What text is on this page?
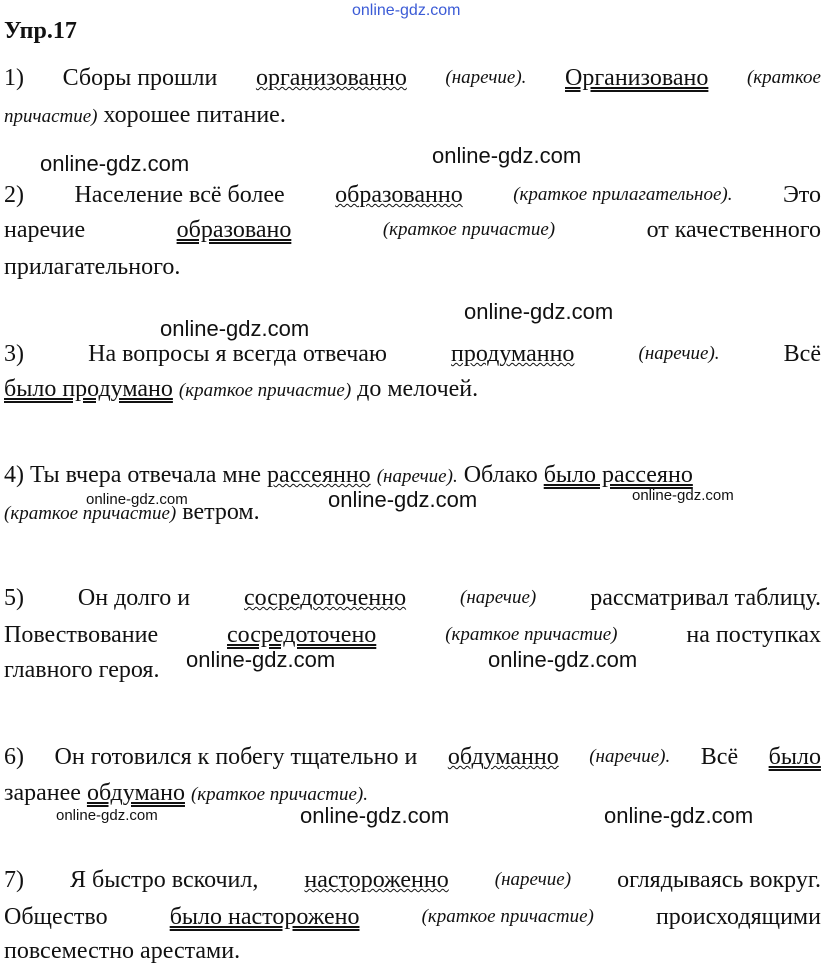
online-gdz.com
Упр.17
1) Сборы прошли организованно (наречие). Организовано (краткое
причастие) хорошее питание.
online-gdz.com	online-gdz.com
2) Население всё более образованно	(краткое прилагательное). Это
наречие	образовано	(краткое причастие)	от качественного
прилагательного.
online-gdz.com
online-gdz.com
3)	На вопросы я всегда отвечаю	продуманно	(наречие).	Всё
было продумано (краткое причастие) до мелочей.
4) Ты вчера отвечала мне рассеянно (наречие). Облако было рассеяно
online-gdz.com	online-gdz.com	online-gdz.com
(краткое причастие) ветром.
5) Он долго и сосредоточенно	(наречие) рассматривал таблицу.
Повествование	сосредоточено	(краткое причастие)	на поступках
online-gdz.com	online-gdz.com
главного героя.
6) Он готовился к побегу тщательно и обдуманно (наречие). Всё было
заранее обдумано (краткое причастие).
online-gdz.com	online-gdz.com	online-gdz.com
7) Я быстро вскочил, настороженно (наречие) оглядываясь вокруг.
Общество	было насторожено	(краткое причастие)	происходящими
повсеместно арестами.
